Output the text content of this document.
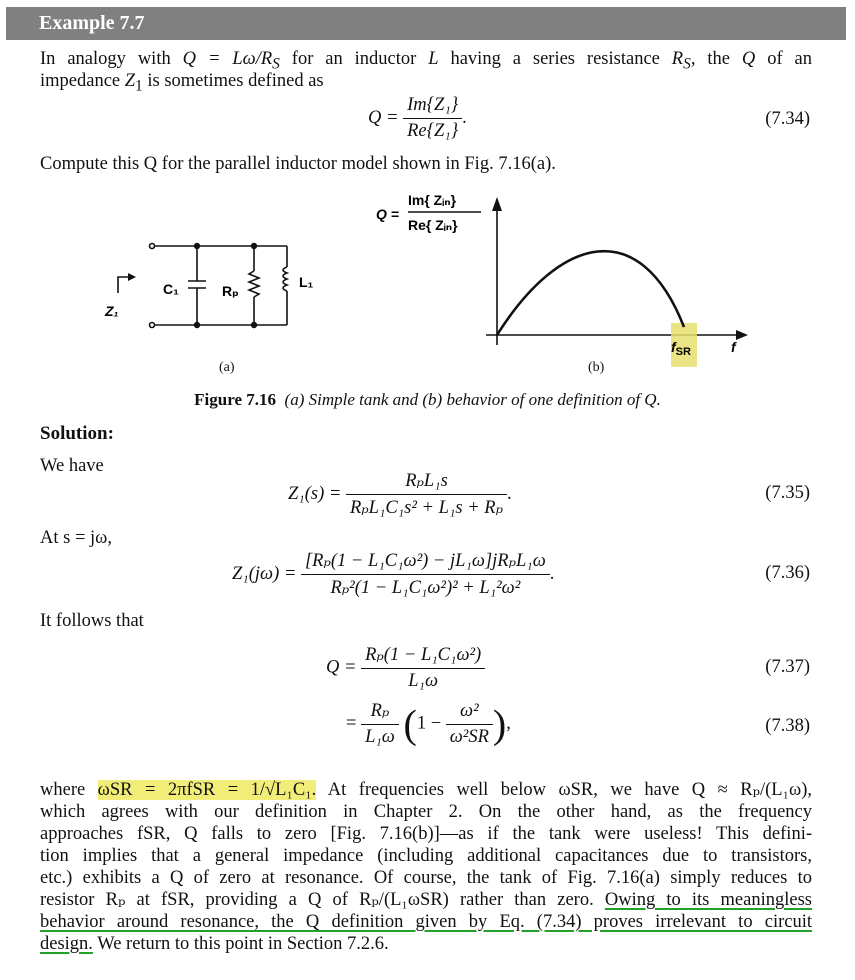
Example 7.7
In analogy with $Q = L\omega/R_S$ for an inductor L having a series resistance $R_S$, the Q of an
impedance $Z_1$ is sometimes defined as
$Q = \frac{\text{Im\{Z₁\}}}{\text{Re\{Z₁\}}}$ .	(7.34)
Compute this Q for the parallel inductor model shown in Fig. 7.16(a).
Z₁
C₁	Rₚ
L₁
Q =
Im{ Zᵢₙ}
Re{ Zᵢₙ}
$f_{SR}$	f
(a)	(b)
Figure 7.16 (a) Simple tank and (b) behavior of one definition of Q.
Solution:
We have
$Z_1(s) = \frac{\text{RₚL₁s}}{\text{RₚL₁C₁s² + L₁s + Rₚ}}$ .	(7.35)
At s = jω,
$Z_1(j\omega) = \frac{\text{[Rₚ(1 − L₁C₁ω²) − jL₁ω]jRₚL₁ω}}{\text{Rₚ²(1 − L₁C₁ω²)² + L₁²ω²}}$ .	(7.36)
It follows that
$Q = \frac{\text{Rₚ(1 − L₁C₁ω²)}}{\text{L₁ω}}$	(7.37)
= $\frac{\text{Rₚ}}{\text{L₁ω}} (1 - \frac{\text{ω²}}{\text{ω²SR}}$ ),	(7.38)
where ωSR = 2πfSR = 1/√L₁C₁. At frequencies well below ωSR, we have Q ≈ Rₚ/(L₁ω),
which agrees with our definition in Chapter 2. On the other hand, as the frequency
approaches fSR, Q falls to zero [Fig. 7.16(b)]—as if the tank were useless! This defini-
tion implies that a general impedance (including additional capacitances due to transistors,
etc.) exhibits a Q of zero at resonance. Of course, the tank of Fig. 7.16(a) simply reduces to
resistor Rₚ at fSR, providing a Q of Rₚ/(L₁ωSR) rather than zero. Owing to its meaningless
behavior around resonance, the Q definition given by Eq. (7.34) proves irrelevant to circuit
design. We return to this point in Section 7.2.6.
